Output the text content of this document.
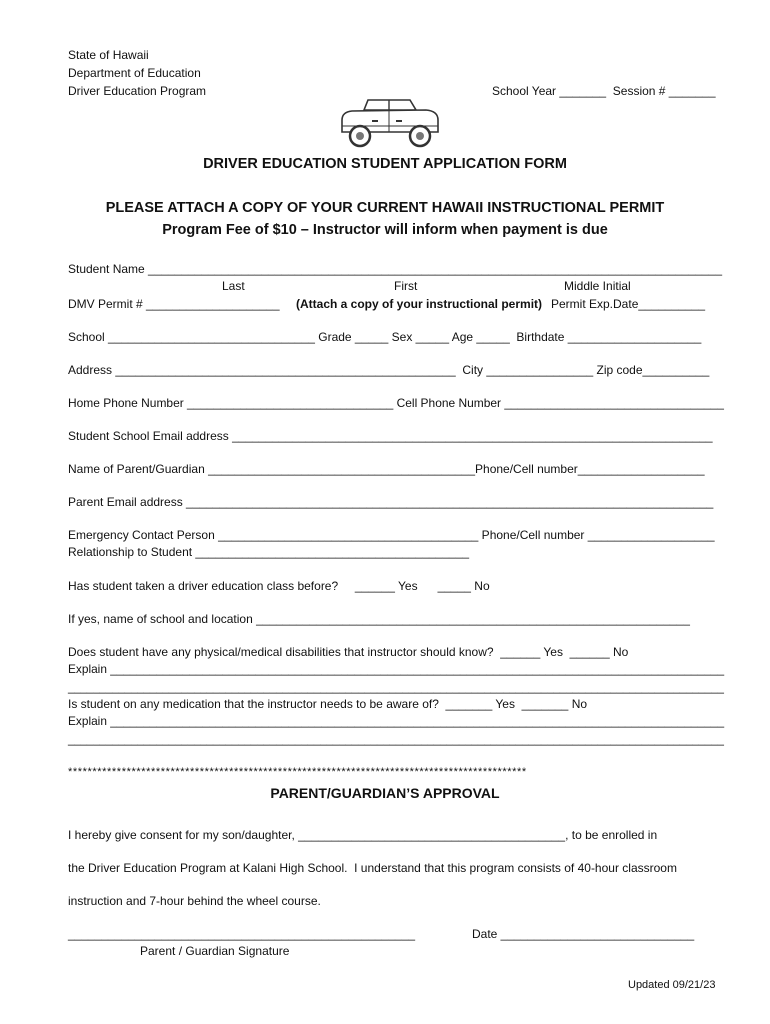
State of Hawaii
Department of Education
Driver Education Program	School Year _______  Session # _______
DRIVER EDUCATION STUDENT APPLICATION FORM
PLEASE ATTACH A COPY OF YOUR CURRENT HAWAII INSTRUCTIONAL PERMIT
Program Fee of $10 – Instructor will inform when payment is due
Student Name ______________________________________________________________________________________
Last	First	Middle Initial
DMV Permit # ____________________ (Attach a copy of your instructional permit) Permit Exp.Date__________
School _______________________________ Grade _____ Sex _____ Age _____  Birthdate ____________________
Address ___________________________________________________  City ________________ Zip code__________
Home Phone Number _______________________________ Cell Phone Number _________________________________
Student School Email address ________________________________________________________________________
Name of Parent/Guardian ________________________________________Phone/Cell number___________________
Parent Email address _______________________________________________________________________________
Emergency Contact Person _______________________________________ Phone/Cell number ___________________
Relationship to Student _________________________________________
Has student taken a driver education class before?     ______ Yes      _____ No
If yes, name of school and location _________________________________________________________________
Does student have any physical/medical disabilities that instructor should know?  ______ Yes  ______ No
Explain _____________________________________________________________________________________________
________________________________________________________________________________________________________
Is student on any medication that the instructor needs to be aware of?  _______ Yes  _______ No
Explain _____________________________________________________________________________________________
________________________________________________________________________________________________________
**********************************************************************************************
PARENT/GUARDIAN’S APPROVAL
I hereby give consent for my son/daughter, ________________________________________, to be enrolled in
the Driver Education Program at Kalani High School.  I understand that this program consists of 40-hour classroom
instruction and 7-hour behind the wheel course.
____________________________________________________	Date _____________________________
Parent / Guardian Signature
Updated 09/21/23
